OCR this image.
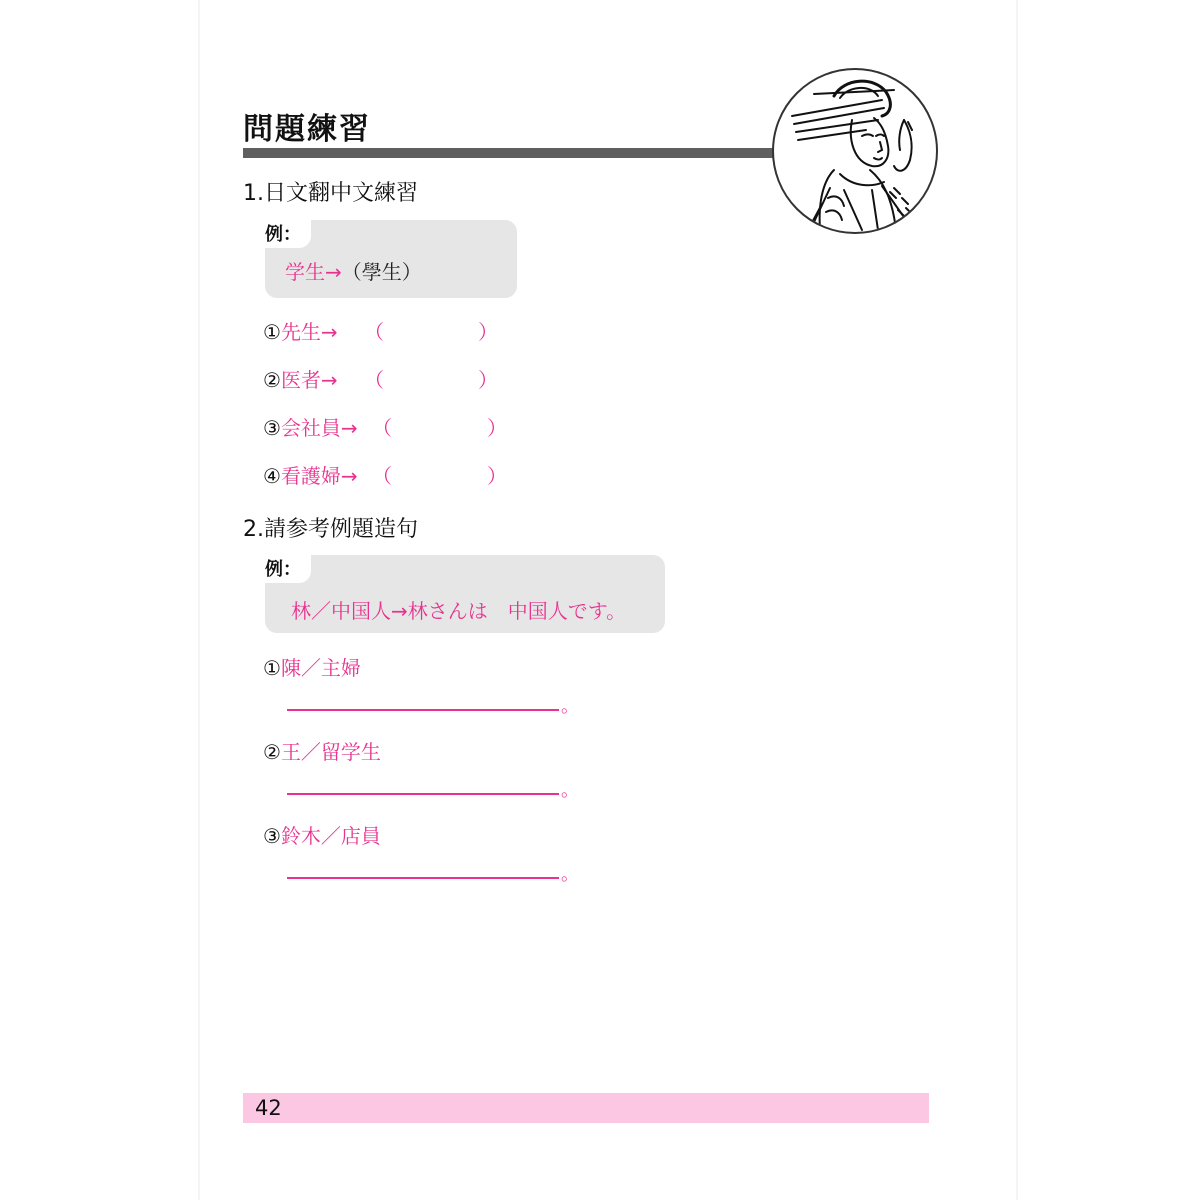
問題練習
1.日文翻中文練習
例：
学生→（學生）
①先生→ （	）
②医者→ （	）
③会社員→ （	）
④看護婦→ （	）
2.請参考例題造句
例：
林／中国人→林さんは　中国人です。
①陳／主婦
。
②王／留学生
。
③鈴木／店員
。
42
